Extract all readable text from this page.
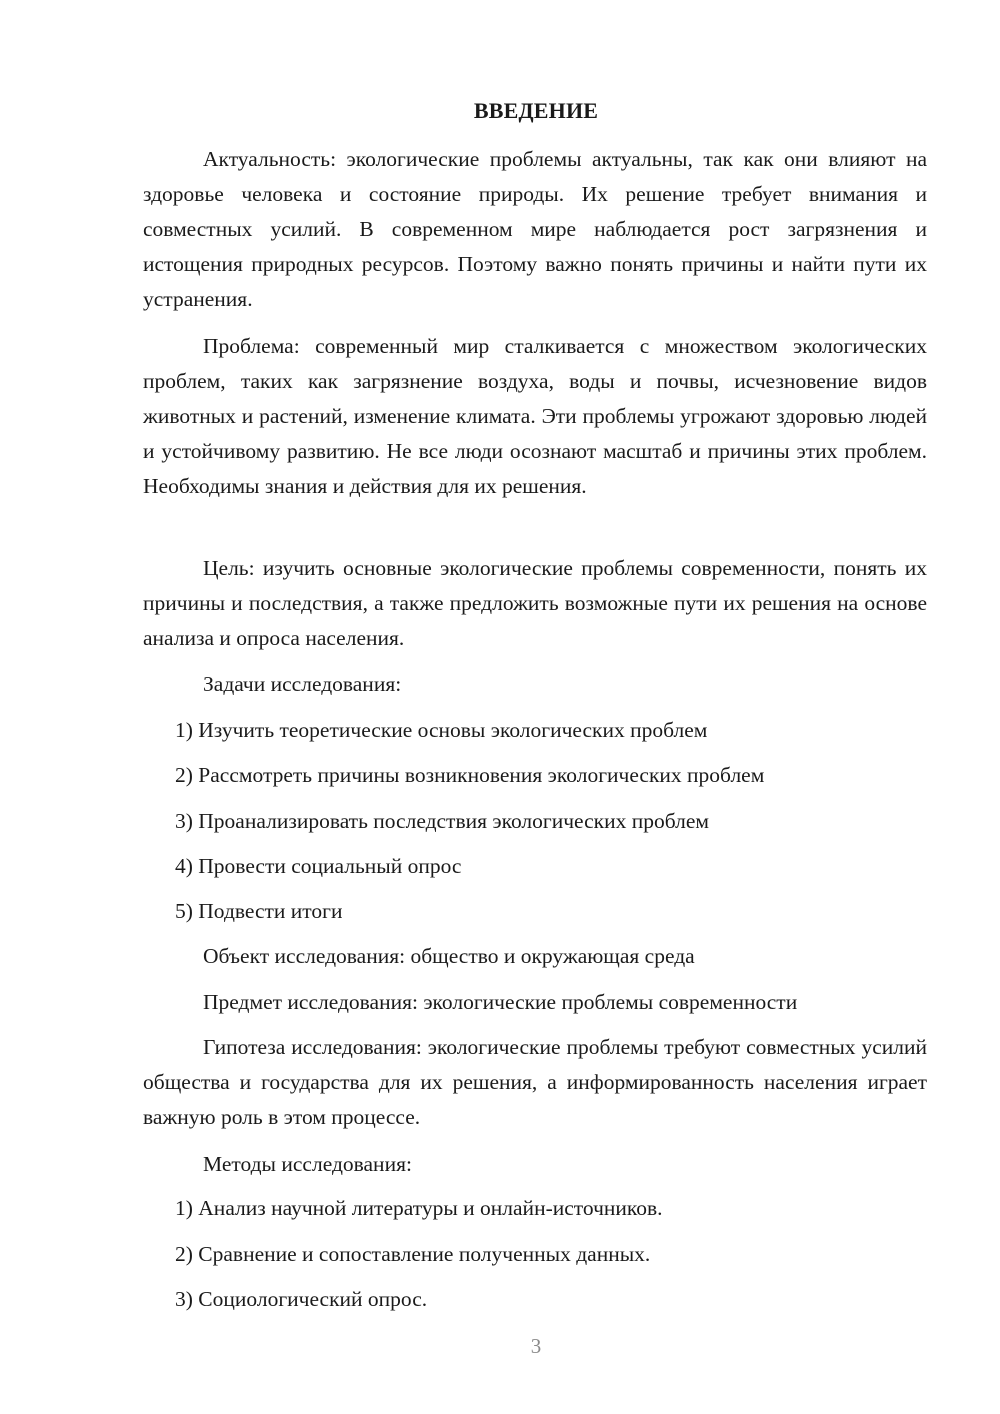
ВВЕДЕНИЕ

Актуальность: экологические проблемы актуальны, так как они влияют на здоровье человека и состояние природы. Их решение требует внимания и совместных усилий. В современном мире наблюдается рост загрязнения и истощения природных ресурсов. Поэтому важно понять причины и найти пути их устранения.

Проблема: современный мир сталкивается с множеством экологических проблем, таких как загрязнение воздуха, воды и почвы, исчезновение видов животных и растений, изменение климата. Эти проблемы угрожают здоровью людей и устойчивому развитию. Не все люди осознают масштаб и причины этих проблем. Необходимы знания и действия для их решения.

Цель: изучить основные экологические проблемы современности, понять их причины и последствия, а также предложить возможные пути их решения на основе анализа и опроса населения.

Задачи исследования:
1) Изучить теоретические основы экологических проблем
2) Рассмотреть причины возникновения экологических проблем
3) Проанализировать последствия экологических проблем
4) Провести социальный опрос
5) Подвести итоги
Объект исследования: общество и окружающая среда
Предмет исследования: экологические проблемы современности

Гипотеза исследования: экологические проблемы требуют совместных усилий общества и государства для их решения, а информированность населения играет важную роль в этом процессе.

Методы исследования:
1) Анализ научной литературы и онлайн-источников.
2) Сравнение и сопоставление полученных данных.
3) Социологический опрос.
3
